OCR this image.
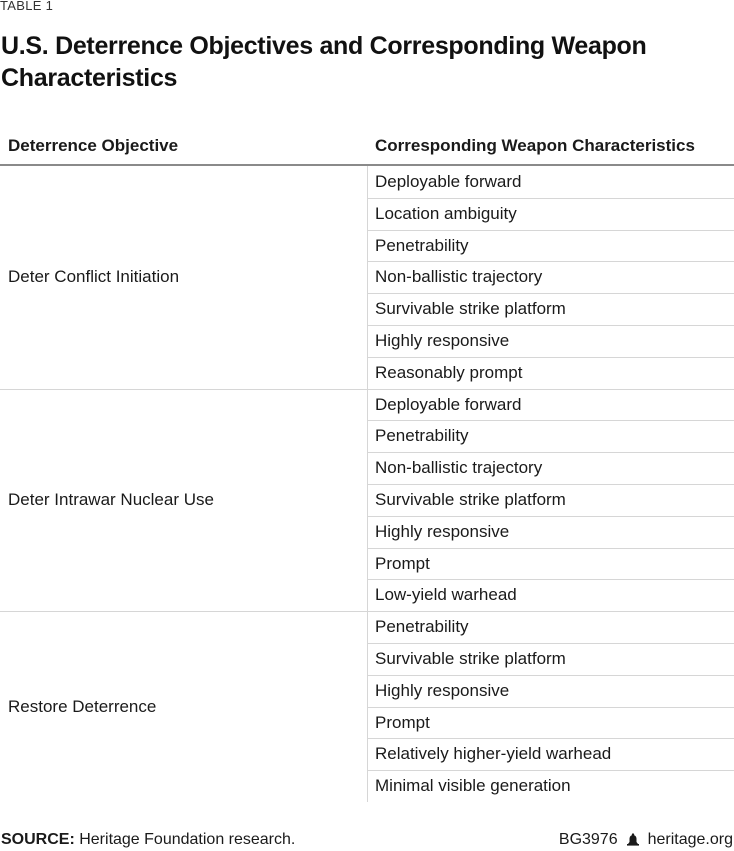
TABLE 1
U.S. Deterrence Objectives and Corresponding Weapon Characteristics
Deterrence Objective	Corresponding Weapon Characteristics
Deter Conflict Initiation
Deployable forward
Location ambiguity
Penetrability
Non-ballistic trajectory
Survivable strike platform
Highly responsive
Reasonably prompt
Deter Intrawar Nuclear Use
Deployable forward
Penetrability
Non-ballistic trajectory
Survivable strike platform
Highly responsive
Prompt
Low-yield warhead
Restore Deterrence
Penetrability
Survivable strike platform
Highly responsive
Prompt
Relatively higher-yield warhead
Minimal visible generation
SOURCE: Heritage Foundation research.	BG3976 heritage.org
